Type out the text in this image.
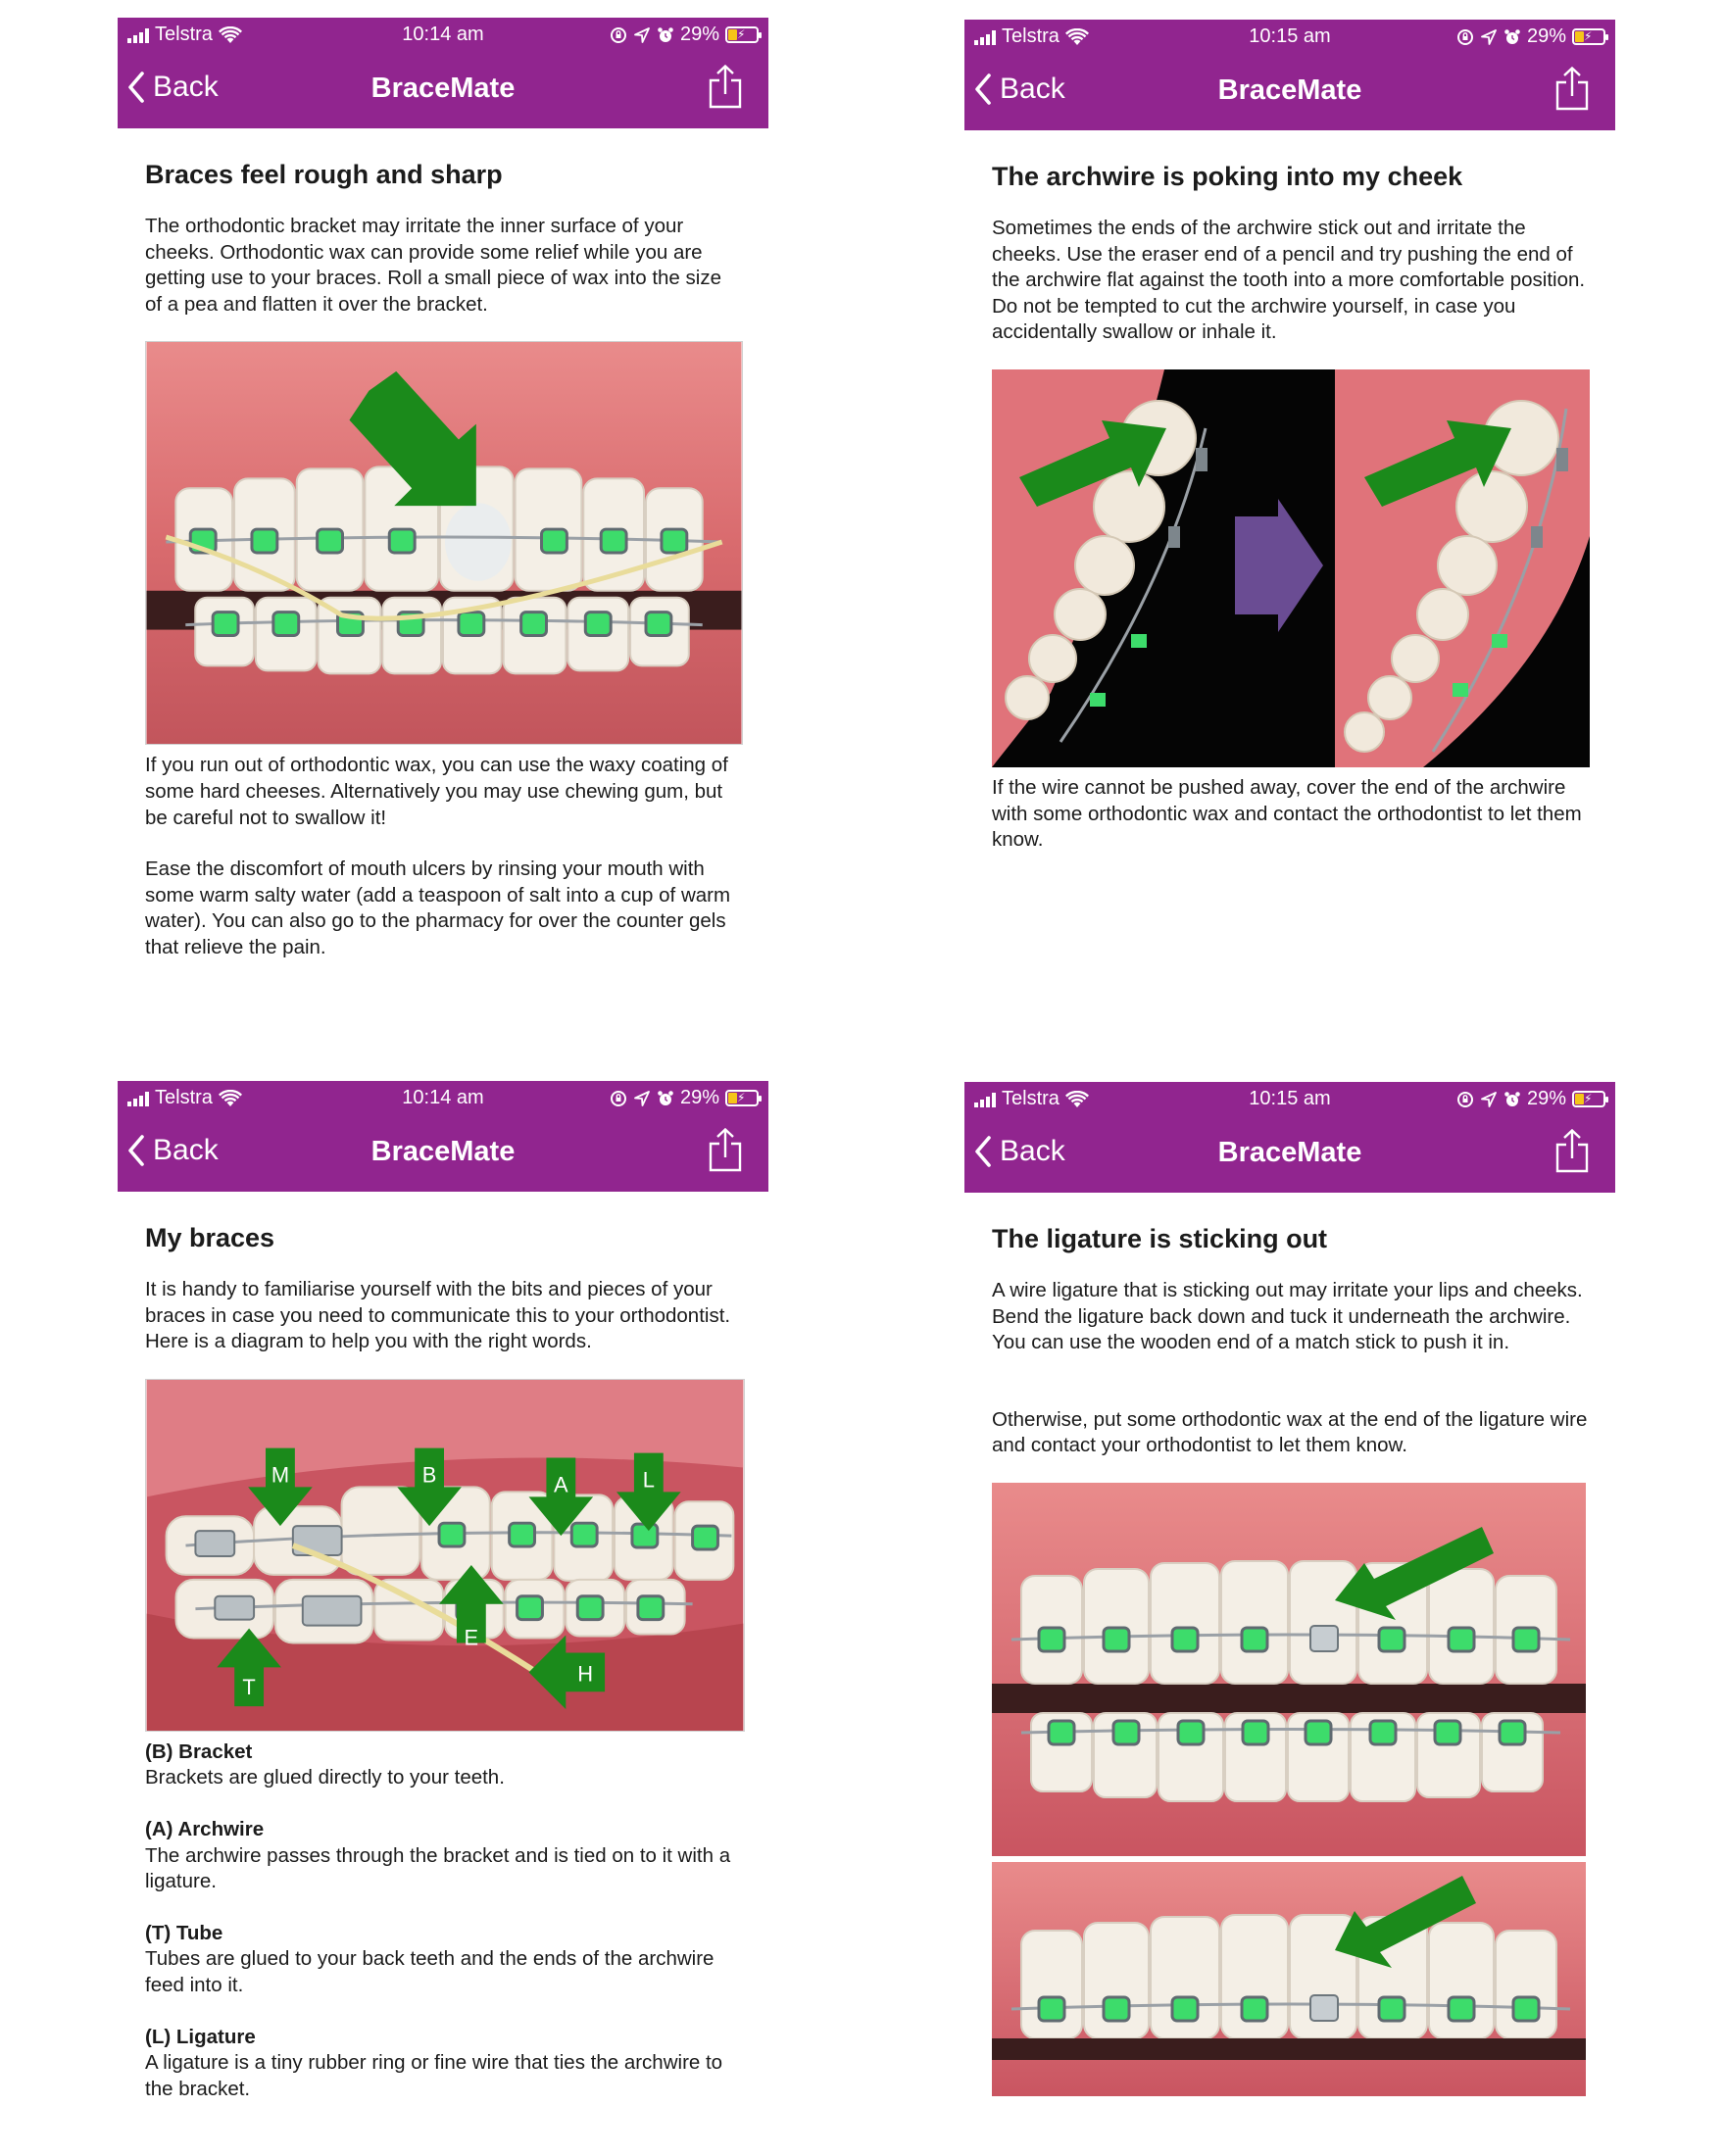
Telstra	10:14 am	29% ⚡
Back	BraceMate
Braces feel rough and sharp

The orthodontic bracket may irritate the inner surface of your cheeks. Orthodontic wax can provide some relief while you are getting use to your braces. Roll a small piece of wax into the size of a pea and flatten it over the bracket.

If you run out of orthodontic wax, you can use the waxy coating of some hard cheeses. Alternatively you may use chewing gum, but be careful not to swallow it!

Ease the discomfort of mouth ulcers by rinsing your mouth with some warm salty water (add a teaspoon of salt into a cup of warm water). You can also go to the pharmacy for over the counter gels that relieve the pain.

Telstra	10:15 am	29% ⚡
Back	BraceMate
The archwire is poking into my cheek

Sometimes the ends of the archwire stick out and irritate the cheeks. Use the eraser end of a pencil and try pushing the end of the archwire flat against the tooth into a more comfortable position. Do not be tempted to cut the archwire yourself, in case you accidentally swallow or inhale it.

If the wire cannot be pushed away, cover the end of the archwire with some orthodontic wax and contact the orthodontist to let them know.

Telstra	10:14 am	29% ⚡
Back	BraceMate
My braces

It is handy to familiarise yourself with the bits and pieces of your braces in case you need to communicate this to your orthodontist. Here is a diagram to help you with the right words.

M	B	A	L
E
T
H

(B) Bracket
Brackets are glued directly to your teeth.

(A) Archwire
The archwire passes through the bracket and is tied on to it with a ligature.

(T) Tube
Tubes are glued to your back teeth and the ends of the archwire feed into it.

(L) Ligature
A ligature is a tiny rubber ring or fine wire that ties the archwire to the bracket.

Telstra	10:15 am	29% ⚡
Back	BraceMate
The ligature is sticking out

A wire ligature that is sticking out may irritate your lips and cheeks. Bend the ligature back down and tuck it underneath the archwire. You can use the wooden end of a match stick to push it in.

Otherwise, put some orthodontic wax at the end of the ligature wire and contact your orthodontist to let them know.
